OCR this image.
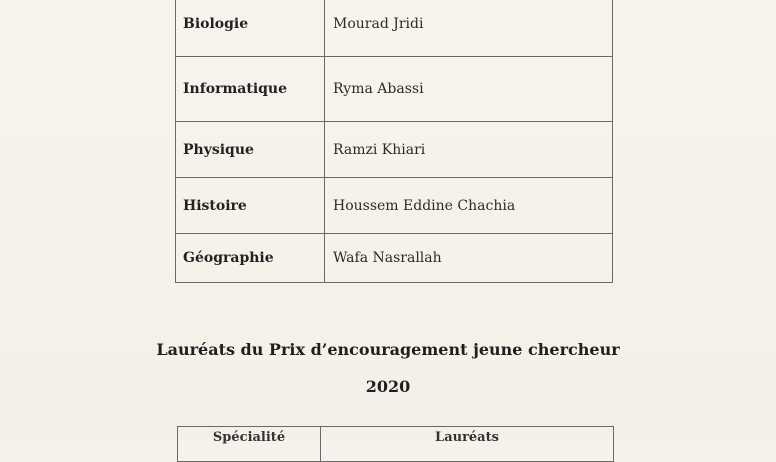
Biologie	Mourad Jridi
Informatique	Ryma Abassi
Physique	Ramzi Khiari
Histoire	Houssem Eddine Chachia
Géographie	Wafa Nasrallah
Lauréats du Prix d’encouragement jeune chercheur
2020
Spécialité	Lauréats
